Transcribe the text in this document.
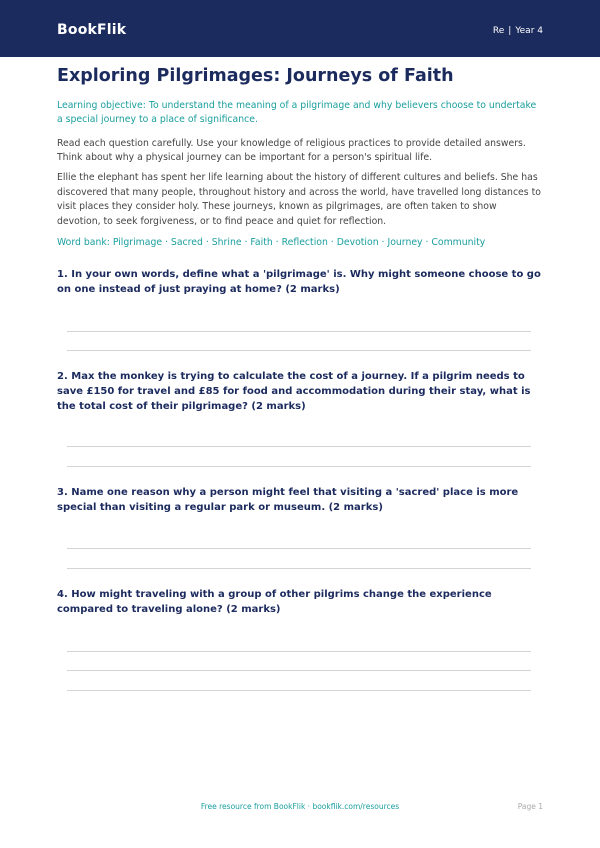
BookFlik	Re | Year 4
Exploring Pilgrimages: Journeys of Faith
Learning objective: To understand the meaning of a pilgrimage and why believers choose to undertake a special journey to a place of significance.
Read each question carefully. Use your knowledge of religious practices to provide detailed answers. Think about why a physical journey can be important for a person's spiritual life.
Ellie the elephant has spent her life learning about the history of different cultures and beliefs. She has discovered that many people, throughout history and across the world, have travelled long distances to visit places they consider holy. These journeys, known as pilgrimages, are often taken to show devotion, to seek forgiveness, or to find peace and quiet for reflection.
Word bank: Pilgrimage · Sacred · Shrine · Faith · Reflection · Devotion · Journey · Community
1. In your own words, define what a 'pilgrimage' is. Why might someone choose to go on one instead of just praying at home? (2 marks)
2. Max the monkey is trying to calculate the cost of a journey. If a pilgrim needs to save £150 for travel and £85 for food and accommodation during their stay, what is the total cost of their pilgrimage? (2 marks)
3. Name one reason why a person might feel that visiting a 'sacred' place is more special than visiting a regular park or museum. (2 marks)
4. How might traveling with a group of other pilgrims change the experience compared to traveling alone? (2 marks)
Free resource from BookFlik · bookflik.com/resources	Page 1
